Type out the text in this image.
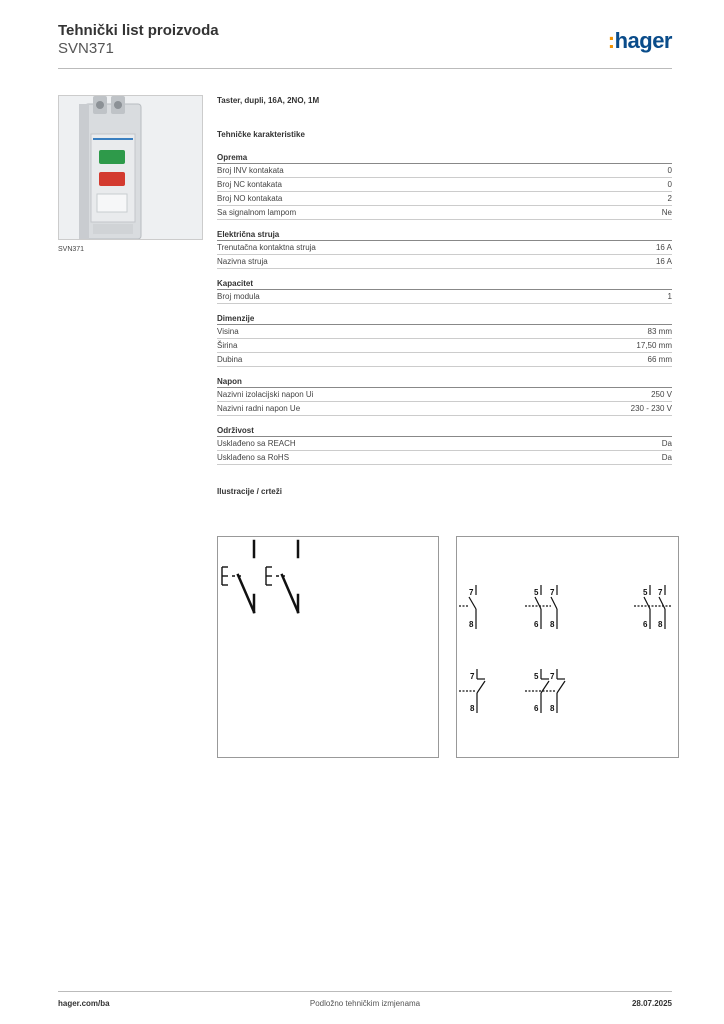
Tehnički list proizvoda
SVN371	:hager
SVN371
Taster, dupli, 16A, 2NO, 1M
Tehničke karakteristike
Oprema
Broj INV kontakata	0
Broj NC kontakata	0
Broj NO kontakata	2
Sa signalnom lampom	Ne
Električna struja
Trenutačna kontaktna struja	16 A
Nazivna struja	16 A
Kapacitet
Broj modula	1
Dimenzije
Visina	83 mm
Širina	17,50 mm
Dubina	66 mm
Napon
Nazivni izolacijski napon Ui	250 V
Nazivni radni napon Ue	230 - 230 V
Održivost
Usklađeno sa REACH	Da
Usklađeno sa RoHS	Da
Ilustracije / crteži
7
8
5
6
7
8
5
6
7
8
7
8
5
6
7
8
hager.com/ba	Podložno tehničkim izmjenama	28.07.2025
